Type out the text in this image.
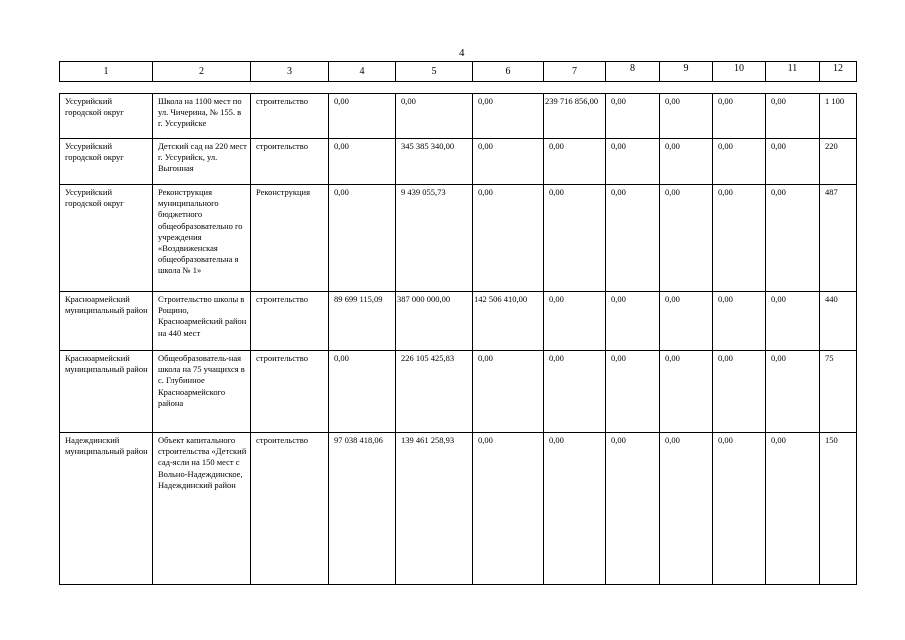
4
1	2	3	4	5	6	7	8	9	10	11	12
Уссурийский городской округ	Школа на 1100 мест по ул. Чичерина, № 155. в г. Уссурийске	строительство	0,00	0,00	0,00	239 716 856,00	0,00	0,00	0,00	0,00	1 100
Уссурийский городской округ	Детский сад на 220 мест г. Уссурийск, ул. Выгонная	строительство	0,00	345 385 340,00	0,00	0,00	0,00	0,00	0,00	0,00	220
Уссурийский городской округ	Реконструкция муниципального бюджетного общеобразовательно го учреждения «Воздвиженская общеобразовательна я школа № 1»	Реконструкция	0,00	9 439 055,73	0,00	0,00	0,00	0,00	0,00	0,00	487
Красноармейский муниципальный район	Строительство школы в Рощино, Красноармейский район на 440 мест	строительство	89 699 115,09	387 000 000,00	142 506 410,00	0,00	0,00	0,00	0,00	0,00	440
Красноармейский муниципальный район	Общеобразователь-ная школа на 75 учащихся в с. Глубинное Красноармейского района	строительство	0,00	226 105 425,83	0,00	0,00	0,00	0,00	0,00	0,00	75
Надеждинский муниципальный район	Объект капитального строительства «Детский сад-ясли на 150 мест с Вольно-Надеждинское, Надеждинский район	строительство	97 038 418,06	139 461 258,93	0,00	0,00	0,00	0,00	0,00	0,00	150
